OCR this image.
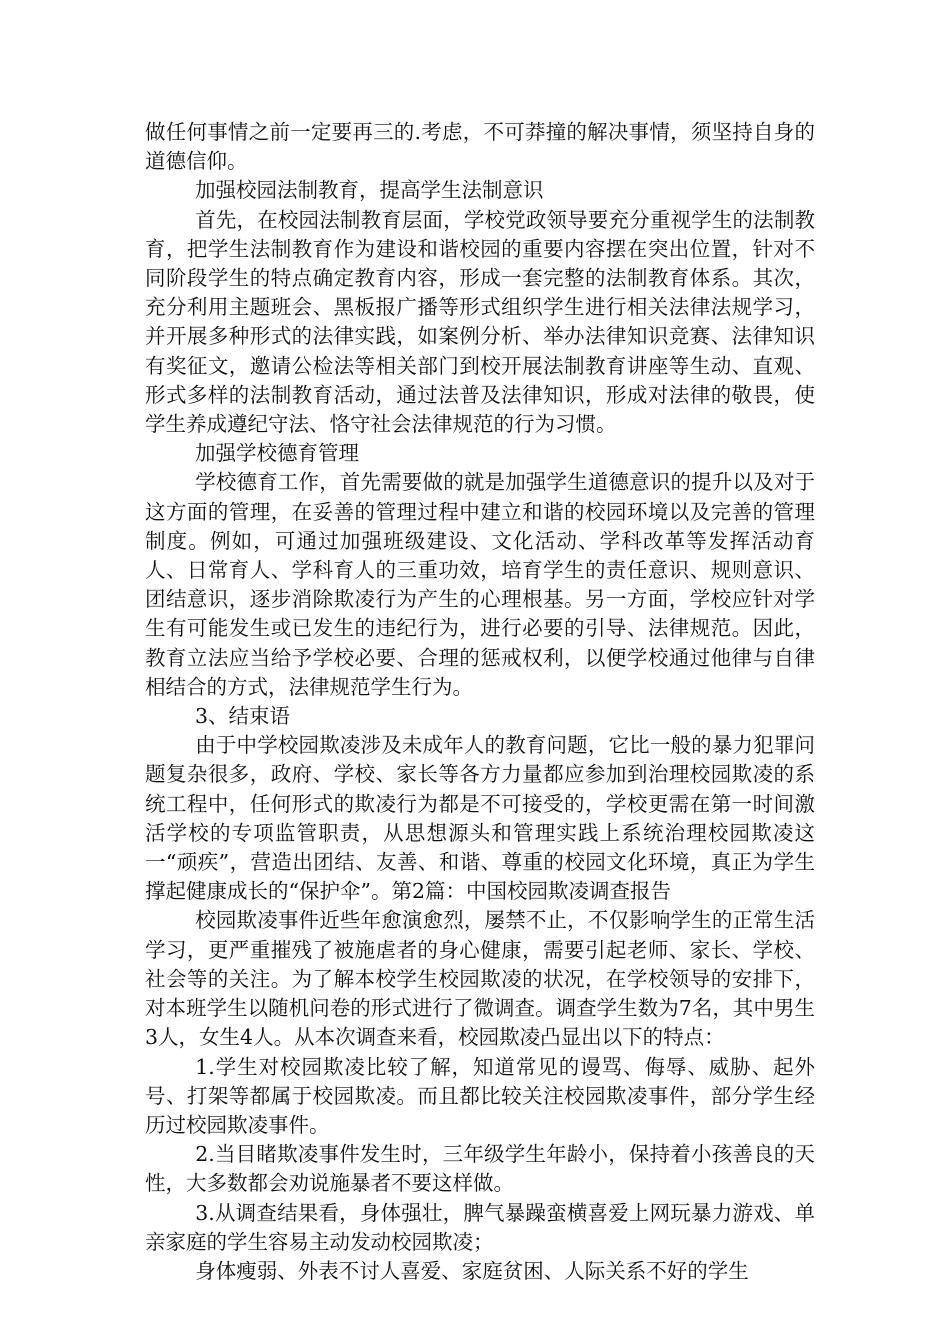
做任何事情之前一定要再三的.考虑，不可莽撞的解决事情，须坚持自身的道德信仰。

加强校园法制教育，提高学生法制意识

首先，在校园法制教育层面，学校党政领导要充分重视学生的法制教育，把学生法制教育作为建设和谐校园的重要内容摆在突出位置，针对不同阶段学生的特点确定教育内容，形成一套完整的法制教育体系。其次，充分利用主题班会、黑板报广播等形式组织学生进行相关法律法规学习，并开展多种形式的法律实践，如案例分析、举办法律知识竞赛、法律知识有奖征文，邀请公检法等相关部门到校开展法制教育讲座等生动、直观、形式多样的法制教育活动，通过法普及法律知识，形成对法律的敬畏，使学生养成遵纪守法、恪守社会法律规范的行为习惯。

加强学校德育管理

学校德育工作，首先需要做的就是加强学生道德意识的提升以及对于这方面的管理，在妥善的管理过程中建立和谐的校园环境以及完善的管理制度。例如，可通过加强班级建设、文化活动、学科改革等发挥活动育人、日常育人、学科育人的三重功效，培育学生的责任意识、规则意识、团结意识，逐步消除欺凌行为产生的心理根基。另一方面，学校应针对学生有可能发生或已发生的违纪行为，进行必要的引导、法律规范。因此，教育立法应当给予学校必要、合理的惩戒权利，以便学校通过他律与自律相结合的方式，法律规范学生行为。

3、结束语

由于中学校园欺凌涉及未成年人的教育问题，它比一般的暴力犯罪问题复杂很多，政府、学校、家长等各方力量都应参加到治理校园欺凌的系统工程中，任何形式的欺凌行为都是不可接受的，学校更需在第一时间激活学校的专项监管职责，从思想源头和管理实践上系统治理校园欺凌这一“顽疾”，营造出团结、友善、和谐、尊重的校园文化环境，真正为学生撑起健康成长的“保护伞”。第2篇：中国校园欺凌调查报告

校园欺凌事件近些年愈演愈烈，屡禁不止，不仅影响学生的正常生活学习，更严重摧残了被施虐者的身心健康，需要引起老师、家长、学校、社会等的关注。为了解本校学生校园欺凌的状况，在学校领导的安排下，对本班学生以随机问卷的形式进行了微调查。调查学生数为7名，其中男生3人，女生4人。从本次调查来看，校园欺凌凸显出以下的特点：

1.学生对校园欺凌比较了解，知道常见的谩骂、侮辱、威胁、起外号、打架等都属于校园欺凌。而且都比较关注校园欺凌事件，部分学生经历过校园欺凌事件。

2.当目睹欺凌事件发生时，三年级学生年龄小，保持着小孩善良的天性，大多数都会劝说施暴者不要这样做。

3.从调查结果看，身体强壮，脾气暴躁蛮横喜爱上网玩暴力游戏、单亲家庭的学生容易主动发动校园欺凌；

身体瘦弱、外表不讨人喜爱、家庭贫困、人际关系不好的学生
